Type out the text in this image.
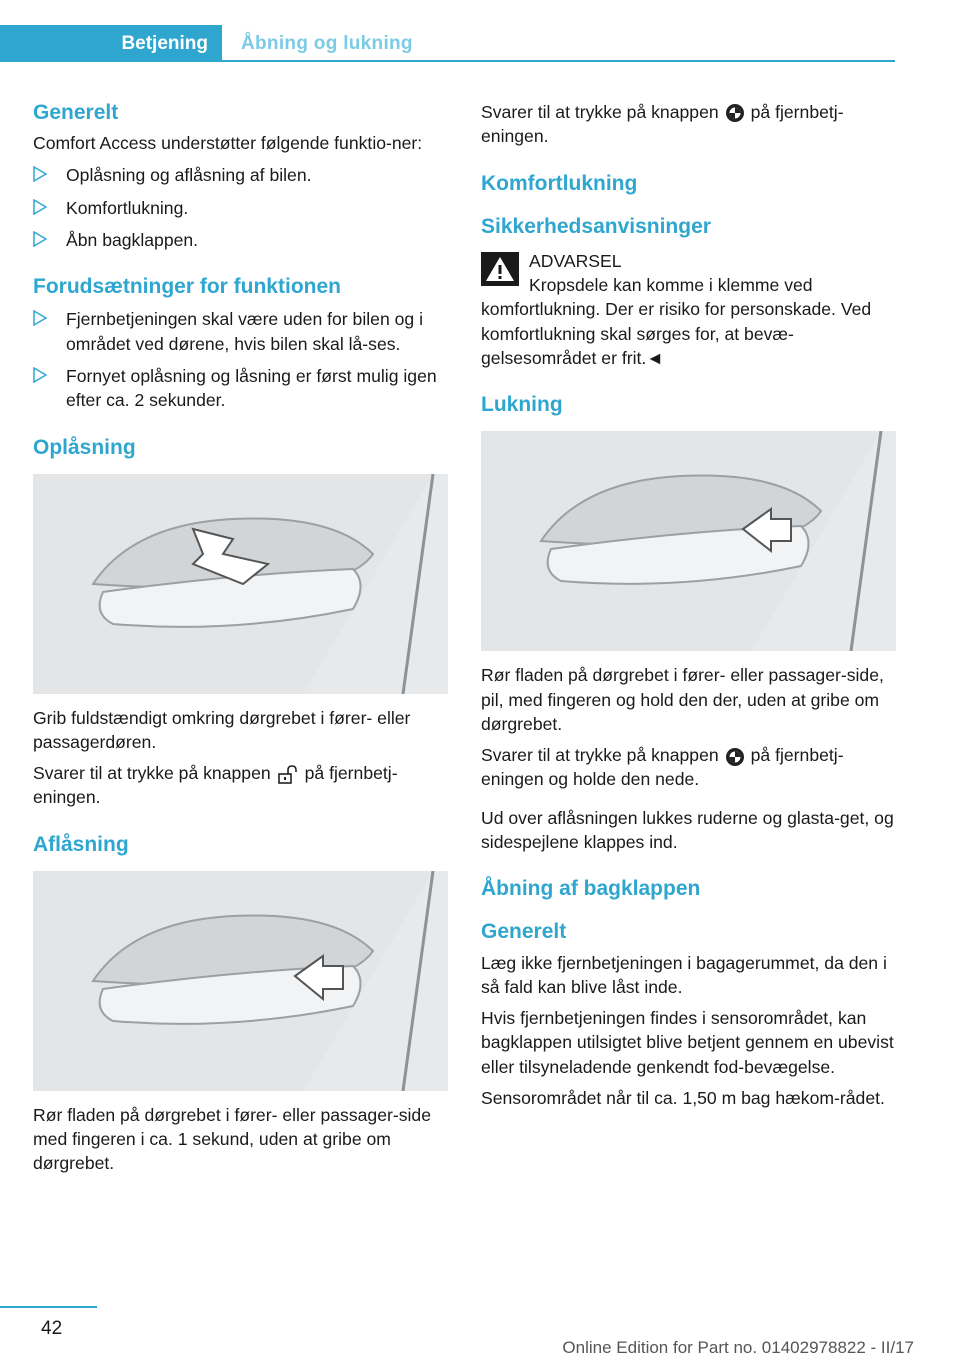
Betjening Åbning og lukning
Generelt

Comfort Access understøtter følgende funktio-ner:

Oplåsning og aflåsning af bilen.
Komfortlukning.
Åbn bagklappen.
Forudsætninger for funktionen
Fjernbetjeningen skal være uden for bilen og i området ved dørene, hvis bilen skal lå-ses.
Fornyet oplåsning og låsning er først mulig igen efter ca. 2 sekunder.
Oplåsning

Grib fuldstændigt omkring dørgrebet i fører- eller passagerdøren.

Svarer til at trykke på knappen på fjernbetj-eningen.

Aflåsning

Rør fladen på dørgrebet i fører- eller passager-side med fingeren i ca. 1 sekund, uden at gribe om dørgrebet.

Svarer til at trykke på knappen på fjernbetj-eningen.

Komfortlukning
Sikkerhedsanvisninger

ADVARSEL

Kropsdele kan komme i klemme ved komfortlukning. Der er risiko for personskade. Ved komfortlukning skal sørges for, at bevæ-gelsesområdet er frit.◄

Lukning

Rør fladen på dørgrebet i fører- eller passager-side, pil, med fingeren og hold den der, uden at gribe om dørgrebet.

Svarer til at trykke på knappen på fjernbetj-eningen og holde den nede.

Ud over aflåsningen lukkes ruderne og glasta-get, og sidespejlene klappes ind.

Åbning af bagklappen
Generelt

Læg ikke fjernbetjeningen i bagagerummet, da den i så fald kan blive låst inde.

Hvis fjernbetjeningen findes i sensorområdet, kan bagklappen utilsigtet blive betjent gennem en ubevist eller tilsyneladende genkendt fod-bevægelse.

Sensorområdet når til ca. 1,50 m bag hækom-rådet.

42
Online Edition for Part no. 01402978822 - II/17
